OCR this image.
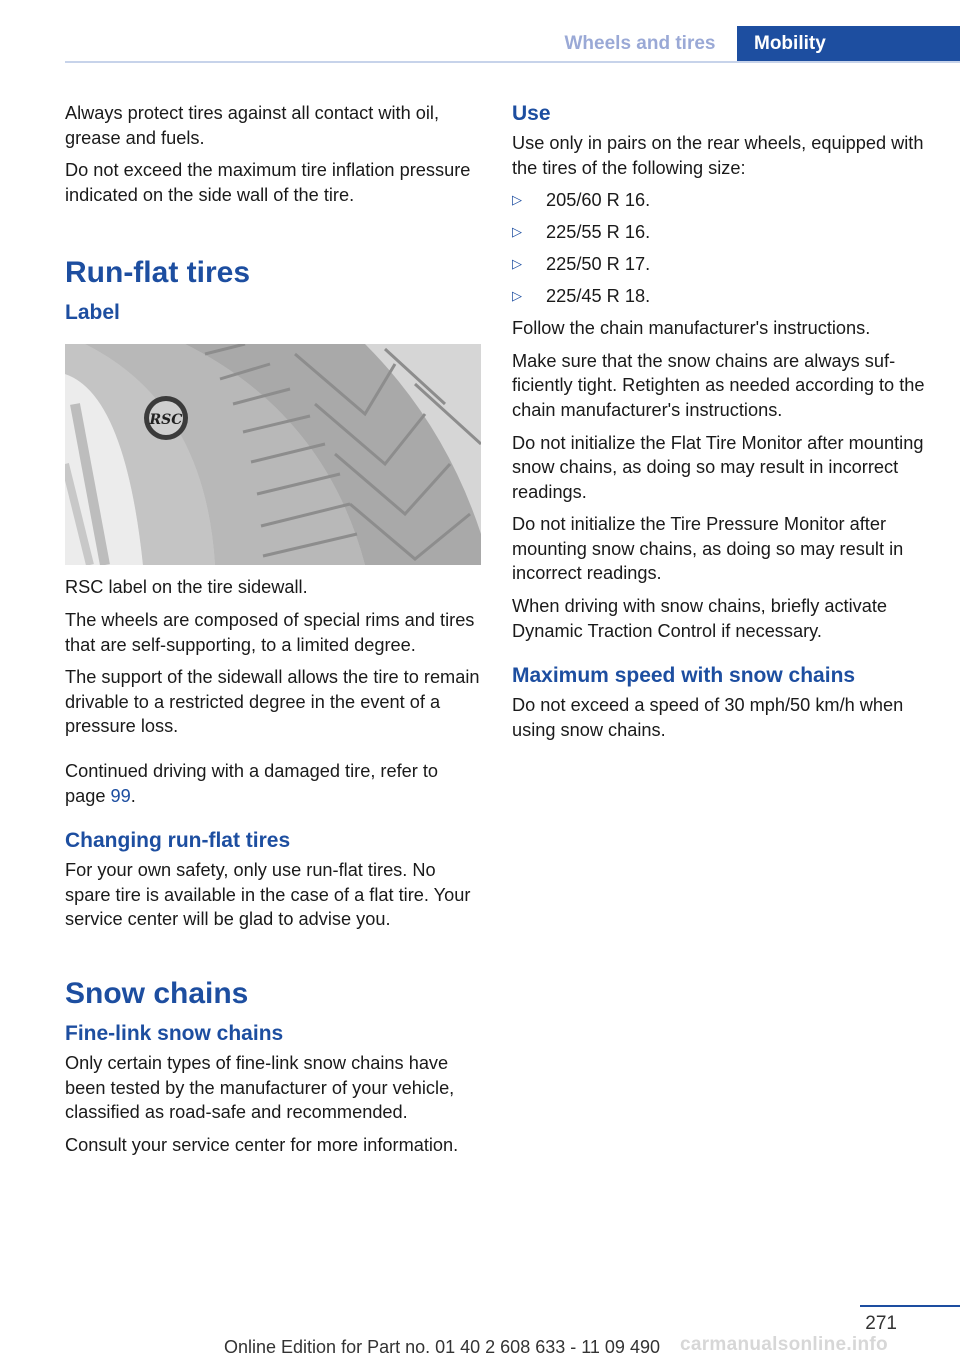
Wheels and tires	Mobility

Always protect tires against all contact with oil, grease and fuels.

Do not exceed the maximum tire inflation pressure indicated on the side wall of the tire.

Run-flat tires
Label
RSC

RSC label on the tire sidewall.

The wheels are composed of special rims and tires that are self-supporting, to a limited degree.

The support of the sidewall allows the tire to remain drivable to a restricted degree in the event of a pressure loss.

Continued driving with a damaged tire, refer to page 99.

Changing run-flat tires

For your own safety, only use run-flat tires. No spare tire is available in the case of a flat tire. Your service center will be glad to advise you.

Snow chains
Fine-link snow chains

Only certain types of fine-link snow chains have been tested by the manufacturer of your vehicle, classified as road-safe and recommended.

Consult your service center for more information.

Use

Use only in pairs on the rear wheels, equipped with the tires of the following size:

▷	205/60 R 16.
▷	225/55 R 16.
▷	225/50 R 17.
▷	225/45 R 18.

Follow the chain manufacturer's instructions.

Make sure that the snow chains are always sufficiently tight. Retighten as needed according to the chain manufacturer's instructions.

Do not initialize the Flat Tire Monitor after mounting snow chains, as doing so may result in incorrect readings.

Do not initialize the Tire Pressure Monitor after mounting snow chains, as doing so may result in incorrect readings.

When driving with snow chains, briefly activate Dynamic Traction Control if necessary.

Maximum speed with snow chains

Do not exceed a speed of 30 mph/50 km/h when using snow chains.

271
Online Edition for Part no. 01 40 2 608 633 - 11 09 490 carmanualsonline.info
